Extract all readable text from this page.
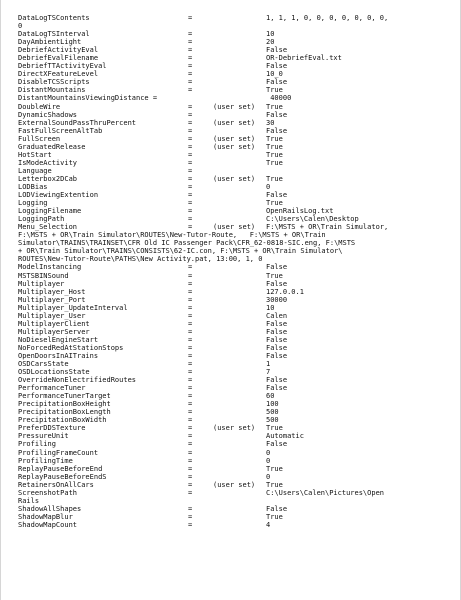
DataLogTSContents	=	1, 1, 1, 0, 0, 0, 0, 0, 0, 0,
0
DataLogTSInterval	=	10
DayAmbientLight	=	20
DebriefActivityEval	=	False
DebriefEvalFilename	=	OR-DebriefEval.txt
DebriefTTActivityEval	=	False
DirectXFeatureLevel	=	10_0
DisableTCSScripts	=	False
DistantMountains	=	True
DistantMountainsViewingDistance =	40000
DoubleWire	=	(user set) True
DynamicShadows	=	False
ExternalSoundPassThruPercent	=	(user set) 30
FastFullScreenAltTab	=	False
FullScreen	=	(user set) True
GraduatedRelease	=	(user set) True
HotStart	=	True
IsModeActivity	=	True
Language	=
Letterbox2DCab	=	(user set) True
LODBias	=	0
LODViewingExtention	=	False
Logging	=	True
LoggingFilename	=	OpenRailsLog.txt
LoggingPath	=	C:\Users\Calen\Desktop
Menu_Selection	=	(user set) F:\MSTS + OR\Train Simulator,
F:\MSTS + OR\Train Simulator\ROUTES\New-Tutor-Route,   F:\MSTS + OR\Train
Simulator\TRAINS\TRAINSET\CFR Old IC Passenger Pack\CFR_62-0818-SIC.eng, F:\MSTS
+ OR\Train Simulator\TRAINS\CONSISTS\62-IC.con, F:\MSTS + OR\Train Simulator\
ROUTES\New-Tutor-Route\PATHS\New Activity.pat, 13:00, 1, 0
ModelInstancing	=	False
MSTSBINSound	=	True
Multiplayer	=	False
Multiplayer_Host	=	127.0.0.1
Multiplayer_Port	=	30000
Multiplayer_UpdateInterval	=	10
Multiplayer_User	=	Calen
MultiplayerClient	=	False
MultiplayerServer	=	False
NoDieselEngineStart	=	False
NoForcedRedAtStationStops	=	False
OpenDoorsInAITrains	=	False
OSDCarsState	=	1
OSDLocationsState	=	7
OverrideNonElectrifiedRoutes	=	False
PerformanceTuner	=	False
PerformanceTunerTarget	=	60
PrecipitationBoxHeight	=	100
PrecipitationBoxLength	=	500
PrecipitationBoxWidth	=	500
PreferDDSTexture	=	(user set) True
PressureUnit	=	Automatic
Profiling	=	False
ProfilingFrameCount	=	0
ProfilingTime	=	0
ReplayPauseBeforeEnd	=	True
ReplayPauseBeforeEndS	=	0
RetainersOnAllCars	=	(user set) True
ScreenshotPath	=	C:\Users\Calen\Pictures\Open
Rails
ShadowAllShapes	=	False
ShadowMapBlur	=	True
ShadowMapCount	=	4
